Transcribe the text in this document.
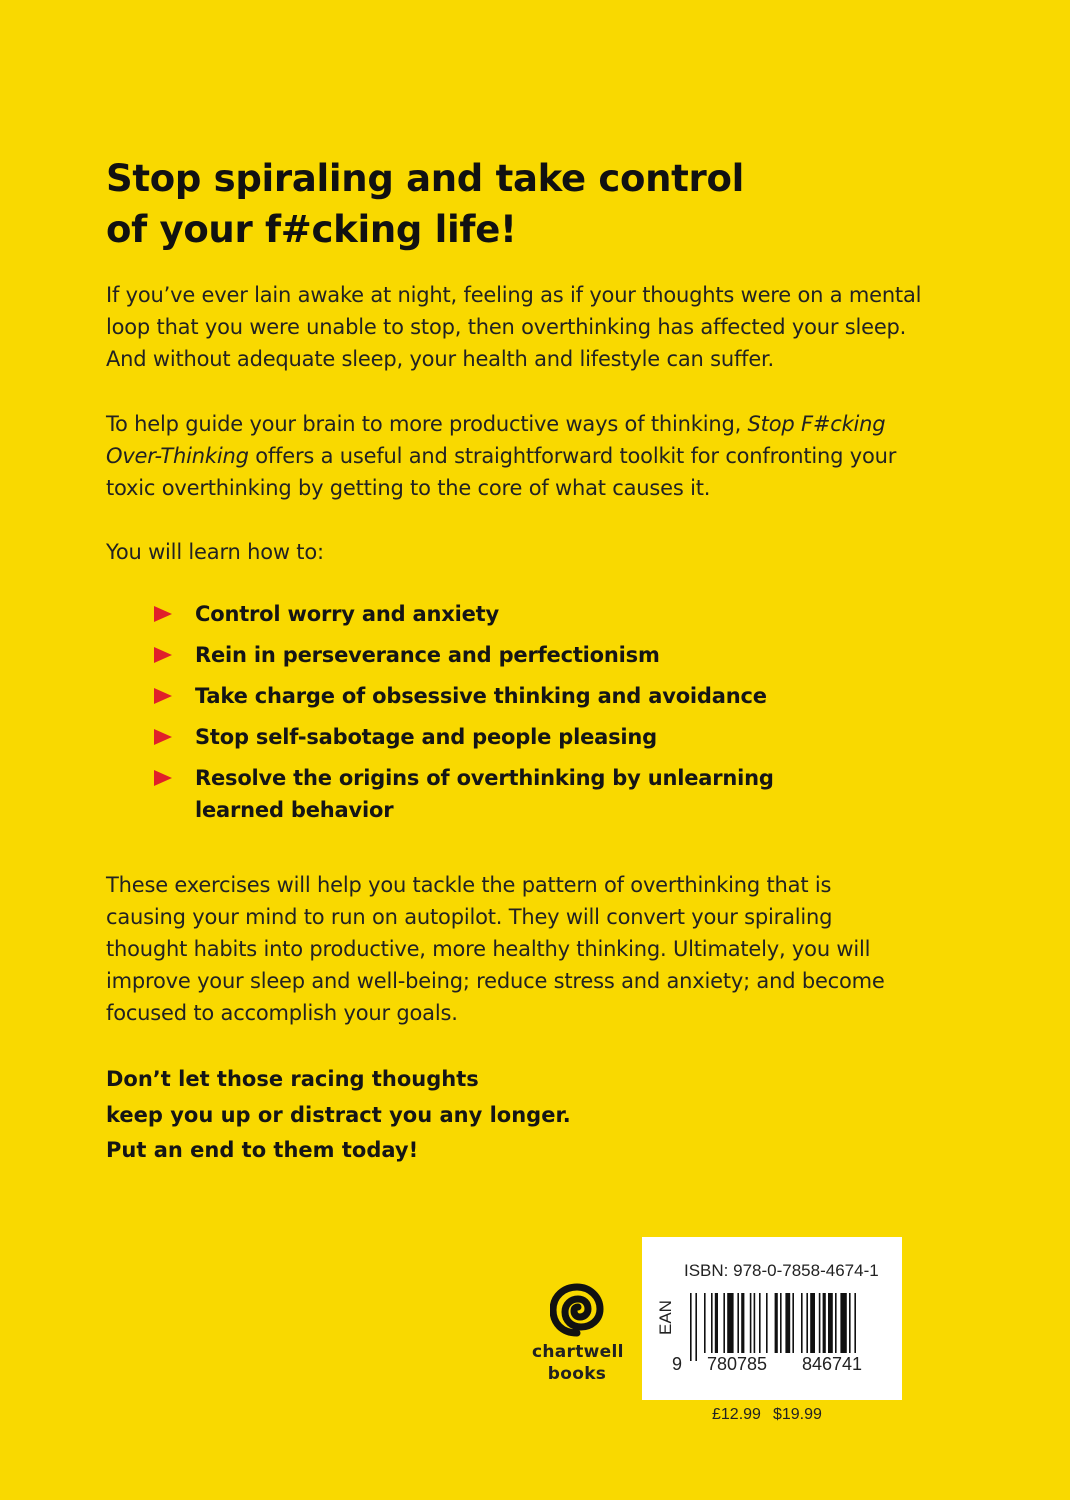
Stop spiraling and take control
of your f#cking life!
If you’ve ever lain awake at night, feeling as if your thoughts were on a mental
loop that you were unable to stop, then overthinking has affected your sleep.
And without adequate sleep, your health and lifestyle can suffer.
To help guide your brain to more productive ways of thinking, Stop F#cking
Over-Thinking offers a useful and straightforward toolkit for confronting your
toxic overthinking by getting to the core of what causes it.
You will learn how to:
Control worry and anxiety
Rein in perseverance and perfectionism
Take charge of obsessive thinking and avoidance
Stop self-sabotage and people pleasing
Resolve the origins of overthinking by unlearning
learned behavior
These exercises will help you tackle the pattern of overthinking that is
causing your mind to run on autopilot. They will convert your spiraling
thought habits into productive, more healthy thinking. Ultimately, you will
improve your sleep and well-being; reduce stress and anxiety; and become
focused to accomplish your goals.
Don’t let those racing thoughts
keep you up or distract you any longer.
Put an end to them today!
chartwell
books
ISBN: 978-0-7858-4674-1
EAN
9 780785 846741
£12.99 $19.99
